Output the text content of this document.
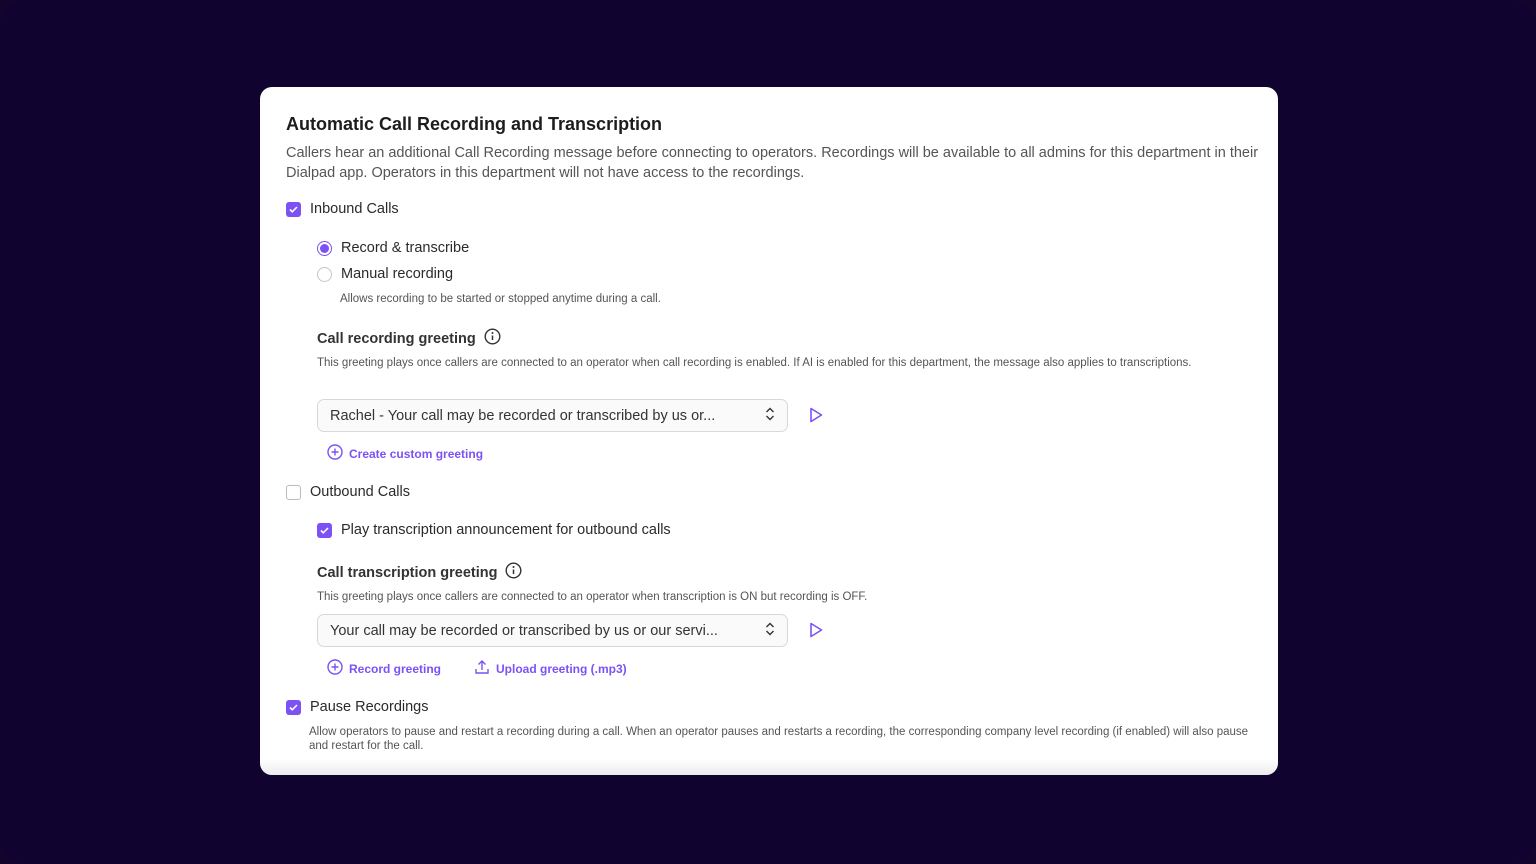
Automatic Call Recording and Transcription

Callers hear an additional Call Recording message before connecting to operators. Recordings will be available to all admins for this department in their Dialpad app. Operators in this department will not have access to the recordings.

Inbound Calls
Record & transcribe
Manual recording

Allows recording to be started or stopped anytime during a call.

Call recording greeting

This greeting plays once callers are connected to an operator when call recording is enabled. If AI is enabled for this department, the message also applies to transcriptions.

Rachel - Your call may be recorded or transcribed by us or...
Create custom greeting
Outbound Calls
Play transcription announcement for outbound calls
Call transcription greeting

This greeting plays once callers are connected to an operator when transcription is ON but recording is OFF.

Your call may be recorded or transcribed by us or our servi...
Record greeting	Upload greeting (.mp3)
Pause Recordings

Allow operators to pause and restart a recording during a call. When an operator pauses and restarts a recording, the corresponding company level recording (if enabled) will also pause and restart for the call.
